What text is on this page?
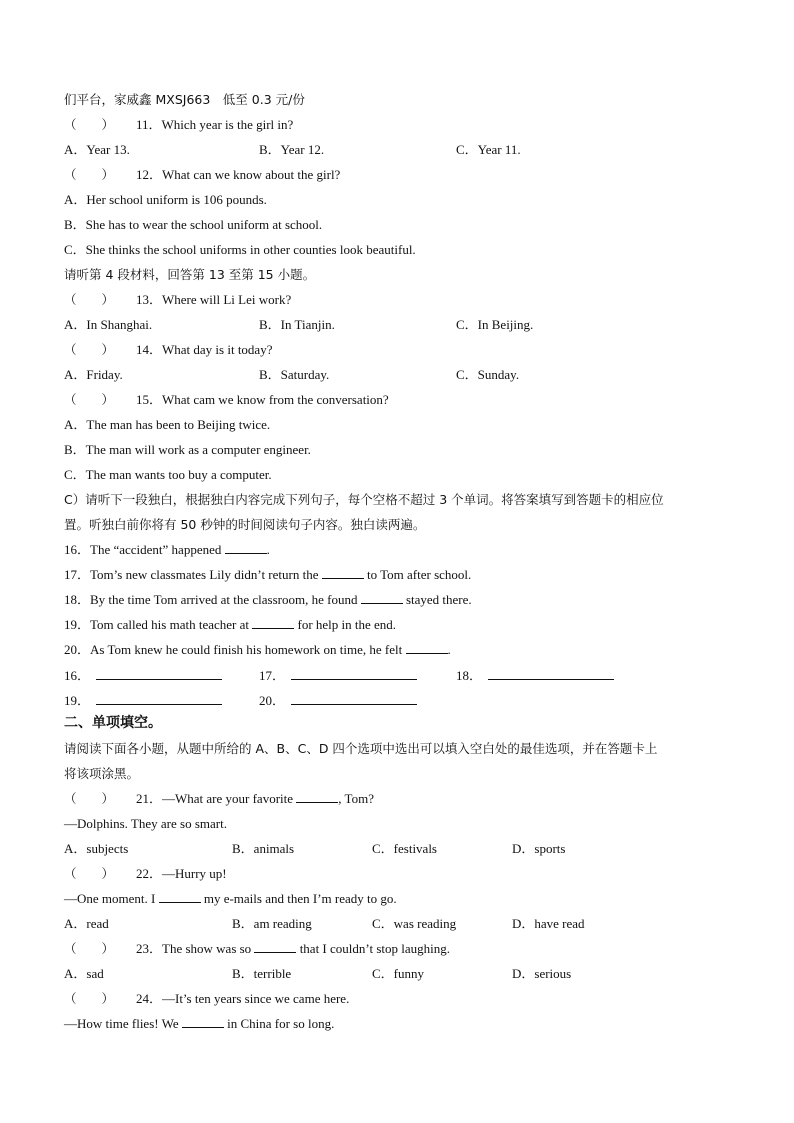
们平台，家威鑫 MXSJ663　低至 0.3 元/份
（　　） 11．Which year is the girl in?
A．Year 13.	B．Year 12.	C．Year 11.
（　　） 12．What can we know about the girl?
A．Her school uniform is 106 pounds.
B．She has to wear the school uniform at school.
C．She thinks the school uniforms in other counties look beautiful.
请听第 4 段材料，回答第 13 至第 15 小题。
（　　） 13．Where will Li Lei work?
A．In Shanghai.	B．In Tianjin.	C．In Beijing.
（　　） 14．What day is it today?
A．Friday.	B．Saturday.	C．Sunday.
（　　） 15．What cam we know from the conversation?
A．The man has been to Beijing twice.
B．The man will work as a computer engineer.
C．The man wants too buy a computer.
C）请听下一段独白，根据独白内容完成下列句子，每个空格不超过 3 个单词。将答案填写到答题卡的相应位
置。听独白前你将有 50 秒钟的时间阅读句子内容。独白读两遍。
16．The “accident” happened	.
17．Tom’s new classmates Lily didn’t return the	to Tom after school.
18．By the time Tom arrived at the classroom, he found	stayed there.
19．Tom called his math teacher at	for help in the end.
20．As Tom knew he could finish his homework on time, he felt	.
16．	17．	18．
19．	20．
二、单项填空。
请阅读下面各小题，从题中所给的 A、B、C、D 四个选项中选出可以填入空白处的最佳选项，并在答题卡上
将该项涂黑。
（　　） 21．—What are your favorite	, Tom?
—Dolphins. They are so smart.
A．subjects	B．animals	C．festivals	D．sports
（　　） 22．—Hurry up!
—One moment. I	my e-mails and then I’m ready to go.
A．read	B．am reading	C．was reading	D．have read
（　　） 23．The show was so	that I couldn’t stop laughing.
A．sad	B．terrible	C．funny	D．serious
（　　） 24．—It’s ten years since we came here.
—How time flies! We	in China for so long.
